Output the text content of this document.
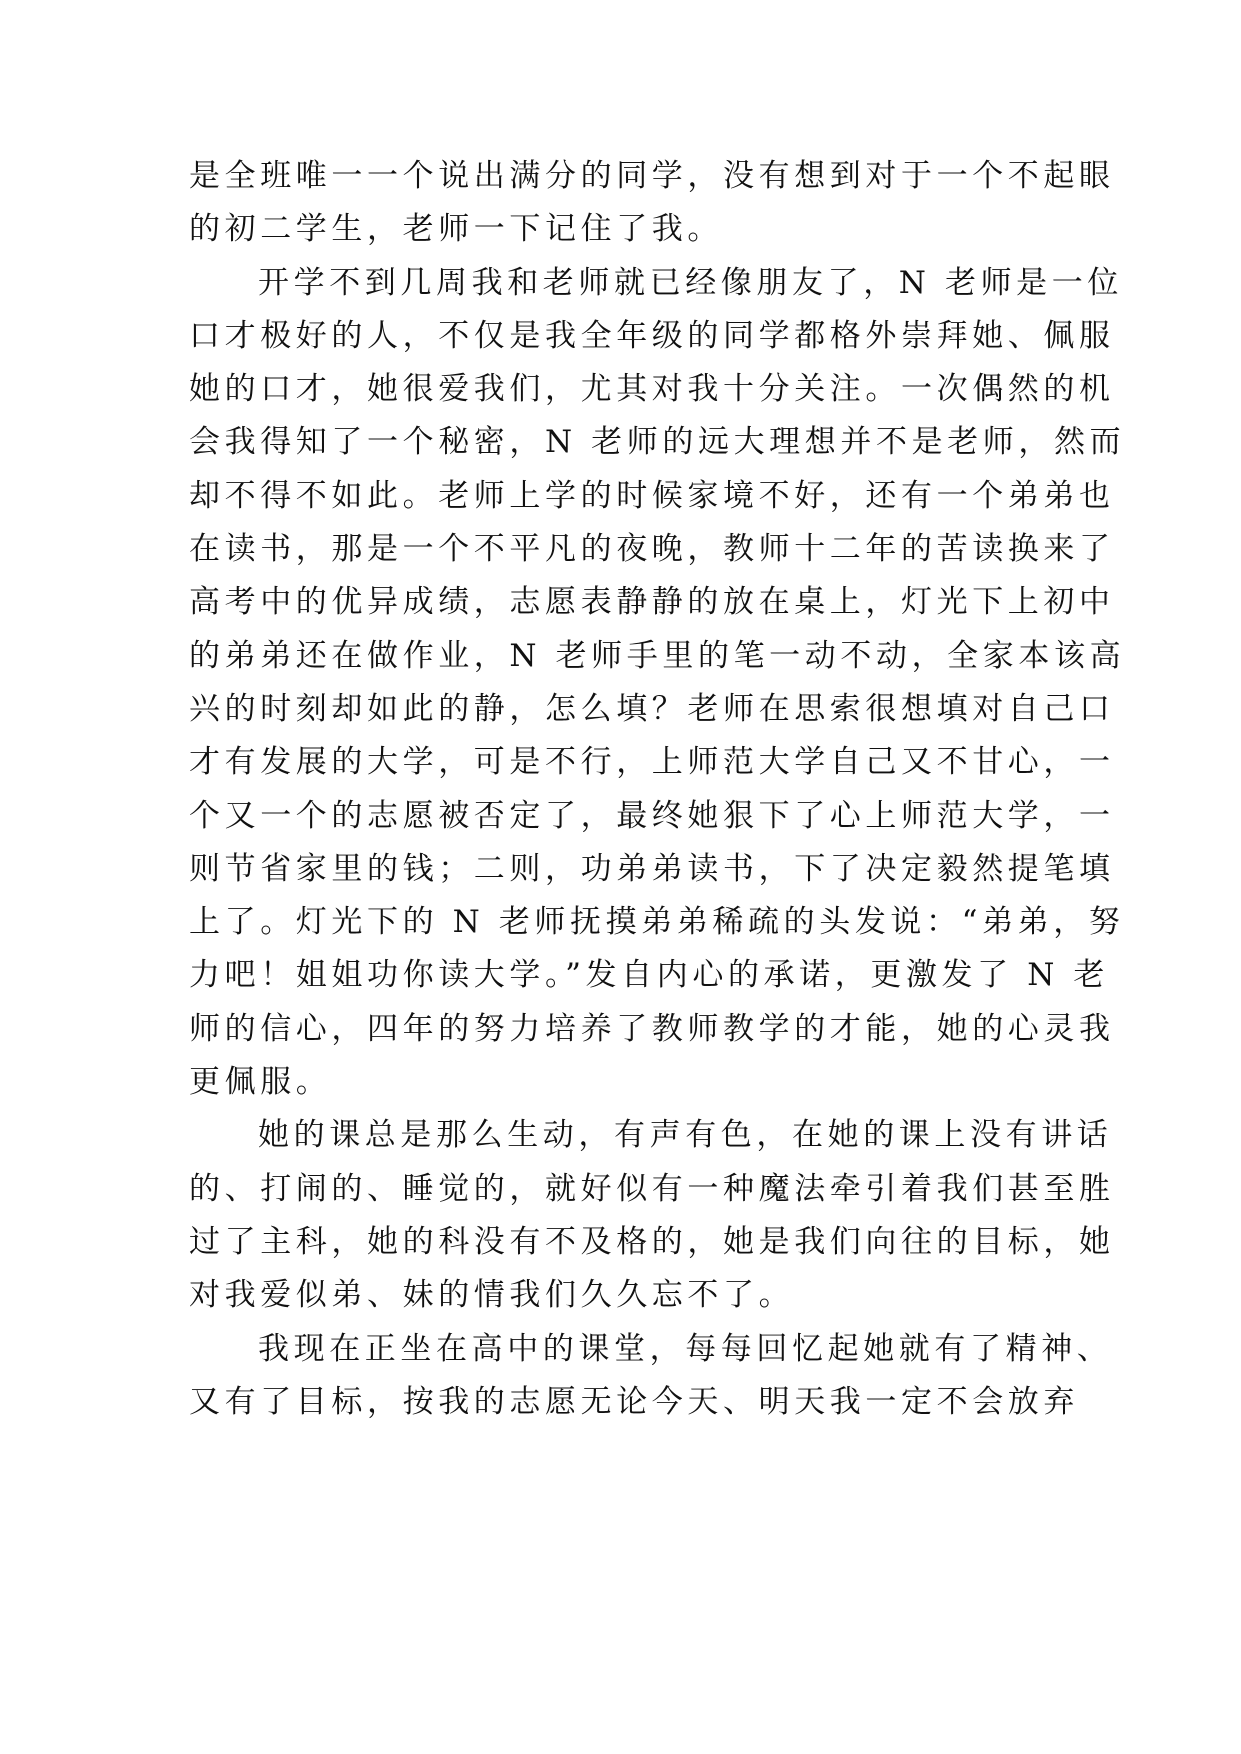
是全班唯一一个说出满分的同学，没有想到对于一个不起眼
的初二学生，老师一下记住了我。
开学不到几周我和老师就已经像朋友了，N 老师是一位
口才极好的人，不仅是我全年级的同学都格外崇拜她、佩服
她的口才，她很爱我们，尤其对我十分关注。一次偶然的机
会我得知了一个秘密，N 老师的远大理想并不是老师，然而
却不得不如此。老师上学的时候家境不好，还有一个弟弟也
在读书，那是一个不平凡的夜晚，教师十二年的苦读换来了
高考中的优异成绩，志愿表静静的放在桌上，灯光下上初中
的弟弟还在做作业，N 老师手里的笔一动不动，全家本该高
兴的时刻却如此的静，怎么填？老师在思索很想填对自己口
才有发展的大学，可是不行，上师范大学自己又不甘心，一
个又一个的志愿被否定了，最终她狠下了心上师范大学，一
则节省家里的钱；二则，功弟弟读书，下了决定毅然提笔填
上了。灯光下的 N 老师抚摸弟弟稀疏的头发说：“弟弟，努
力吧！姐姐功你读大学。”发自内心的承诺，更激发了 N 老
师的信心，四年的努力培养了教师教学的才能，她的心灵我
更佩服。
她的课总是那么生动，有声有色，在她的课上没有讲话
的、打闹的、睡觉的，就好似有一种魔法牵引着我们甚至胜
过了主科，她的科没有不及格的，她是我们向往的目标，她
对我爱似弟、妹的情我们久久忘不了。
我现在正坐在高中的课堂，每每回忆起她就有了精神、
又有了目标，按我的志愿无论今天、明天我一定不会放弃
